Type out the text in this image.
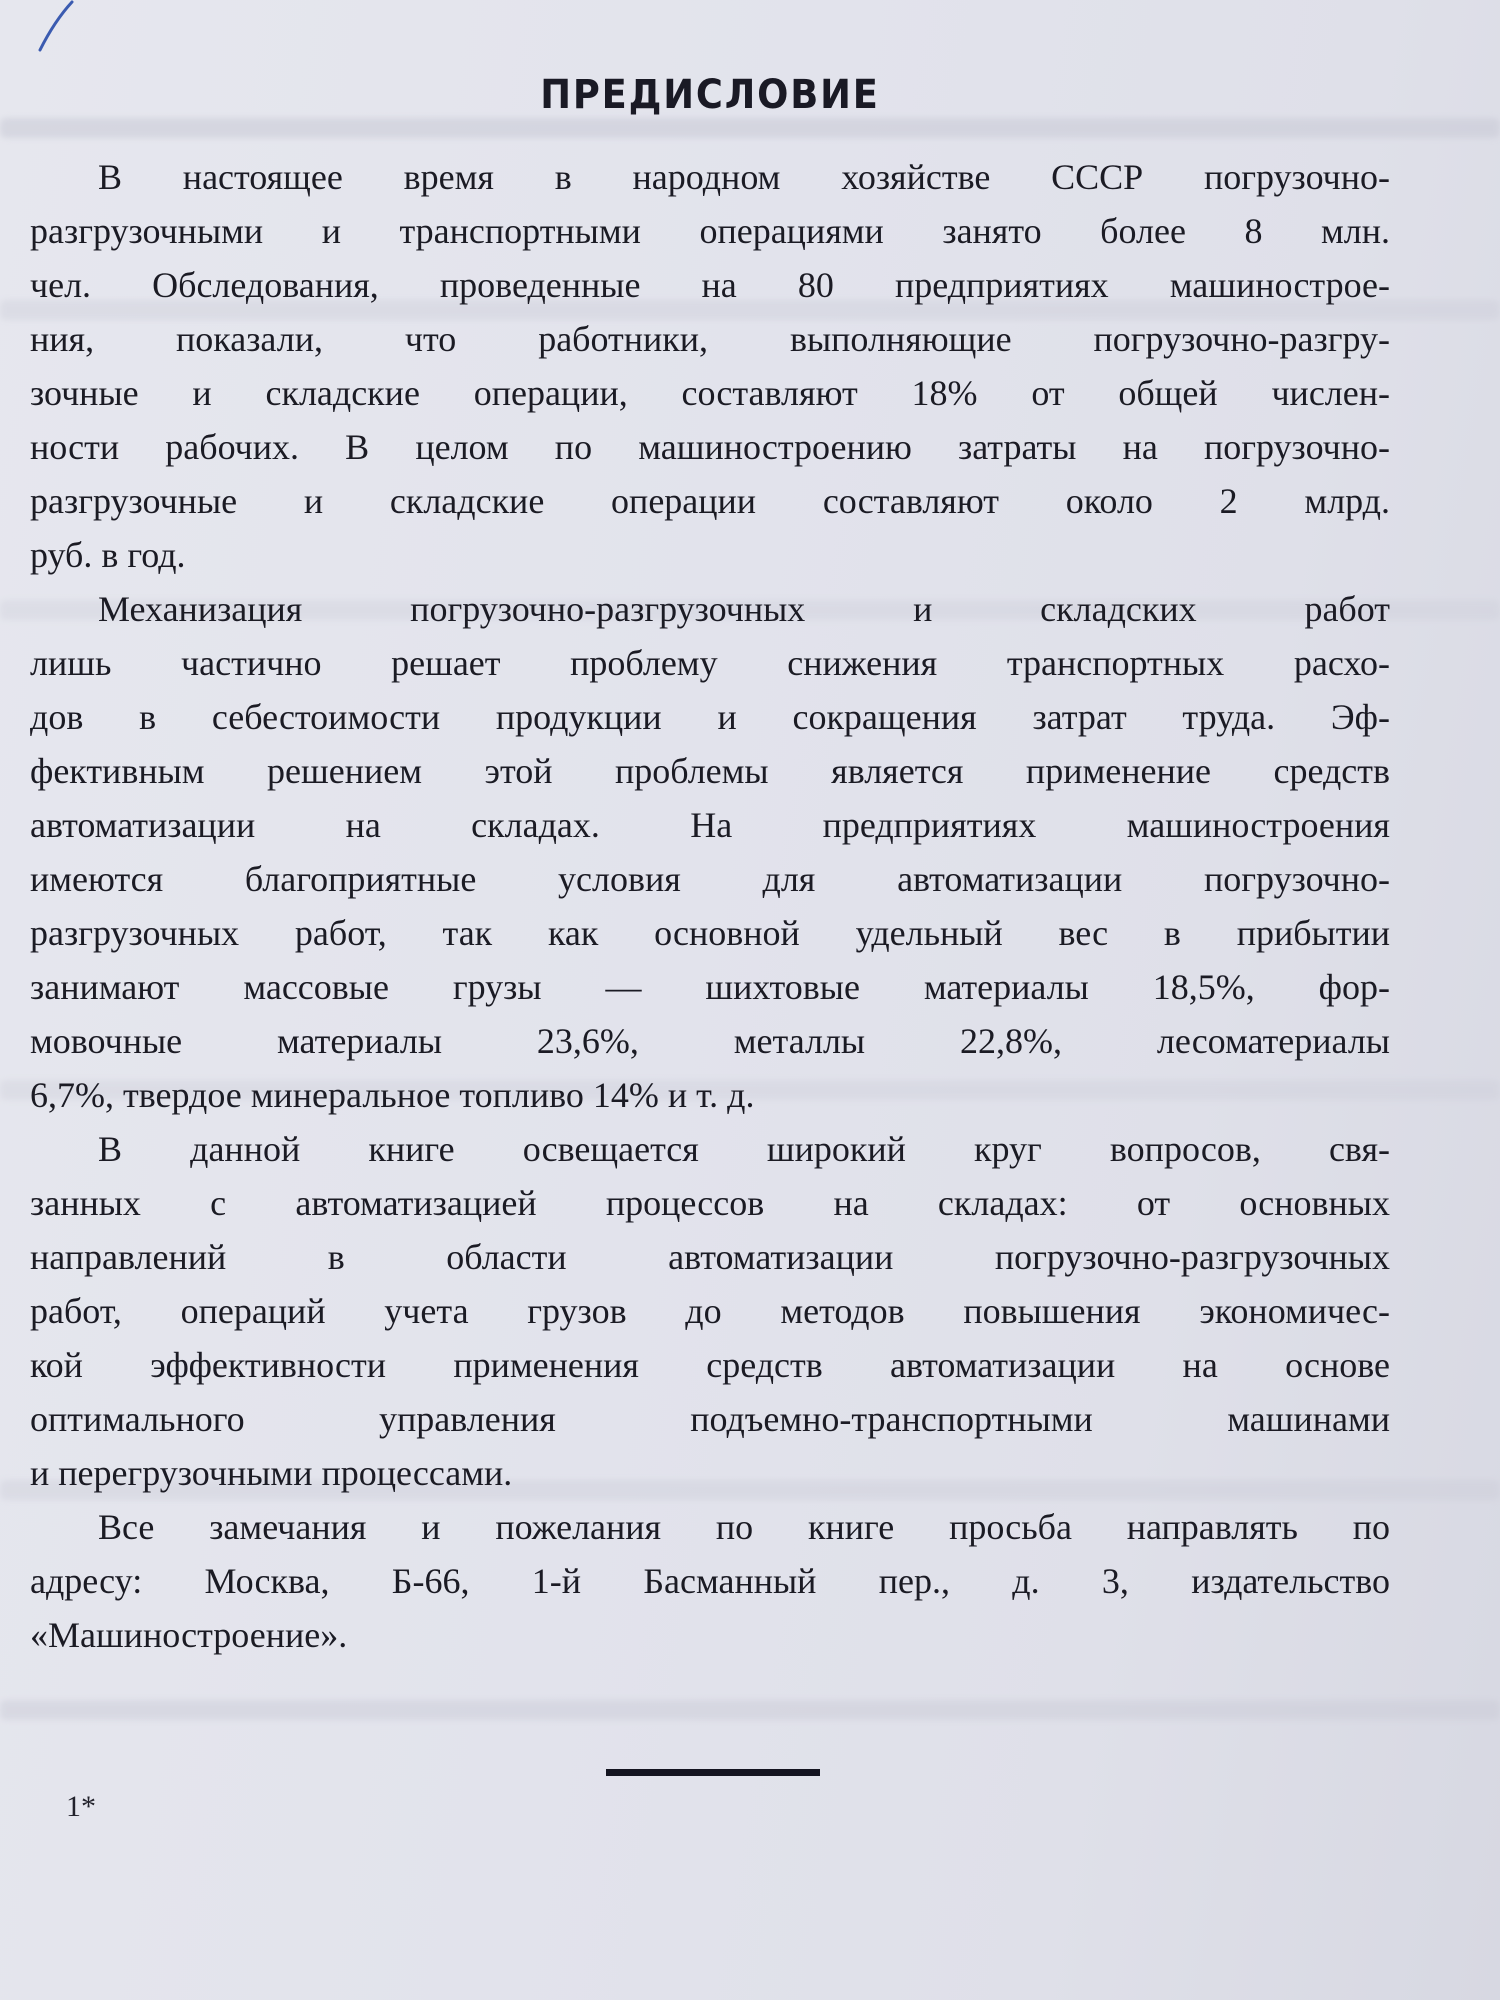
ПРЕДИСЛОВИЕ
В настоящее время в народном хозяйстве СССР погрузочно-
разгрузочными и транспортными операциями занято более 8 млн.
чел. Обследования, проведенные на 80 предприятиях машинострое-
ния, показали, что работники, выполняющие погрузочно-разгру-
зочные и складские операции, составляют 18% от общей числен-
ности рабочих. В целом по машиностроению затраты на погрузочно-
разгрузочные и складские операции составляют около 2 млрд.
руб. в год.
Механизация погрузочно-разгрузочных и складских работ
лишь частично решает проблему снижения транспортных расхо-
дов в себестоимости продукции и сокращения затрат труда. Эф-
фективным решением этой проблемы является применение средств
автоматизации на складах. На предприятиях машиностроения
имеются благоприятные условия для автоматизации погрузочно-
разгрузочных работ, так как основной удельный вес в прибытии
занимают массовые грузы — шихтовые материалы 18,5%, фор-
мовочные материалы 23,6%, металлы 22,8%, лесоматериалы
6,7%, твердое минеральное топливо 14% и т. д.
В данной книге освещается широкий круг вопросов, свя-
занных с автоматизацией процессов на складах: от основных
направлений в области автоматизации погрузочно-разгрузочных
работ, операций учета грузов до методов повышения экономичес-
кой эффективности применения средств автоматизации на основе
оптимального управления подъемно-транспортными машинами
и перегрузочными процессами.
Все замечания и пожелания по книге просьба направлять по
адресу: Москва, Б-66, 1-й Басманный пер., д. 3, издательство
«Машиностроение».
1*
